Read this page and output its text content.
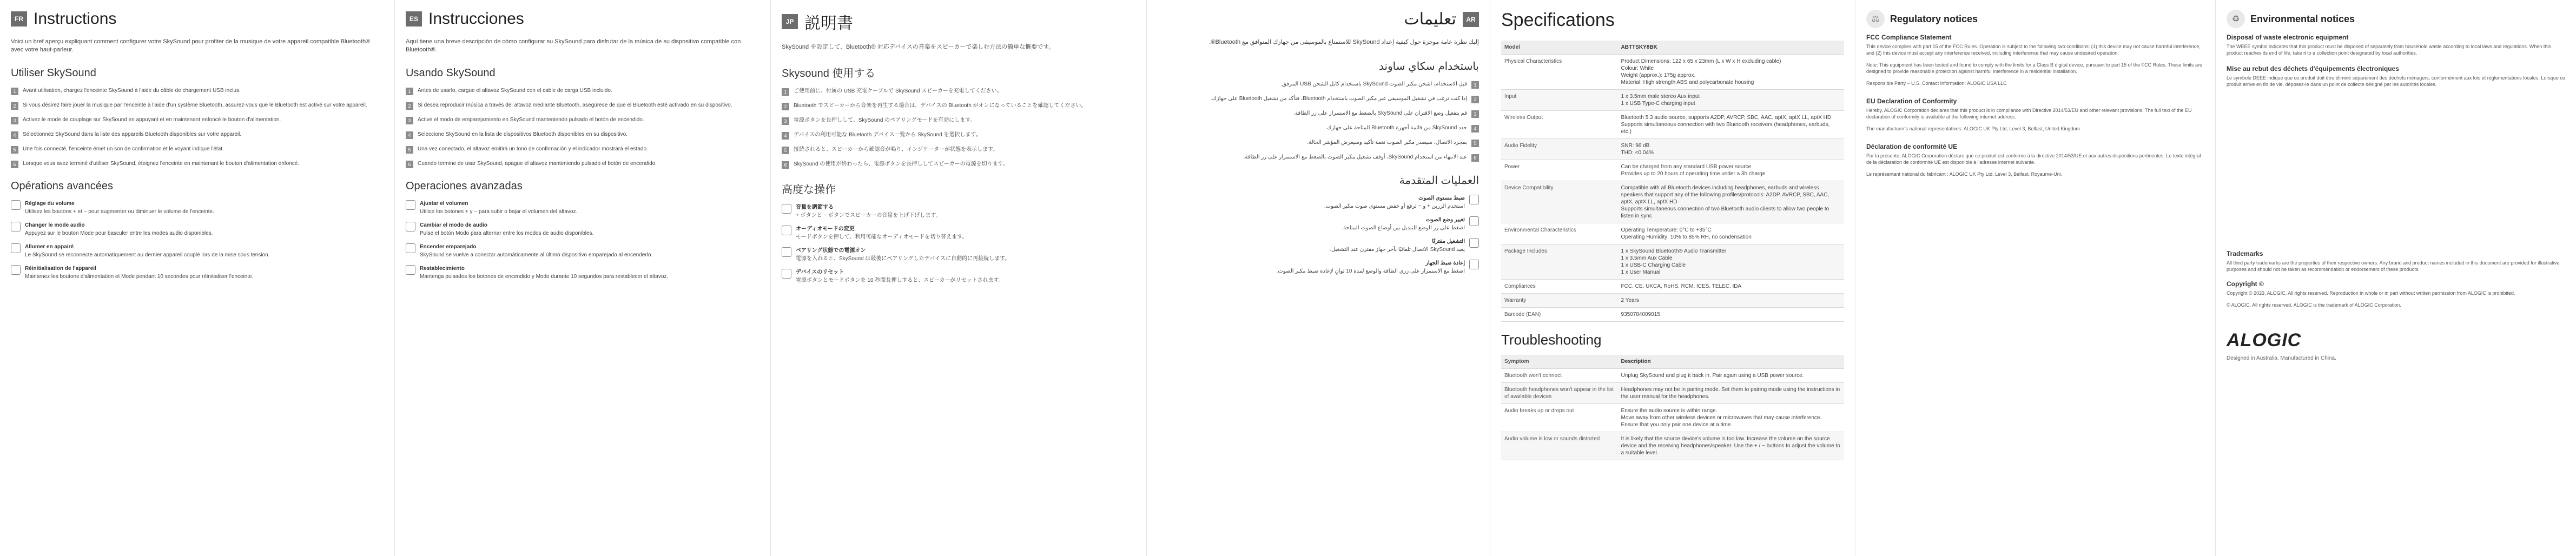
FR Instructions

Voici un bref aperçu expliquant comment configurer votre SkySound pour profiter de la musique de votre appareil compatible Bluetooth® avec votre haut-parleur.

Utiliser SkySound
1	Avant utilisation, chargez l'enceinte SkySound à l'aide du câble de chargement USB inclus.
2	Si vous désirez faire jouer la musique par l'enceinte à l'aide d'un système Bluetooth, assurez-vous que le Bluetooth est activé sur votre appareil.
3	Activez le mode de couplage sur SkySound en appuyant et en maintenant enfoncé le bouton d'alimentation.
4	Sélectionnez SkySound dans la liste des appareils Bluetooth disponibles sur votre appareil.
5	Une fois connecté, l'enceinte émet un son de confirmation et le voyant indique l'état.
6	Lorsque vous avez terminé d'utiliser SkySound, éteignez l'enceinte en maintenant le bouton d'alimentation enfoncé.
Opérations avancées
Réglage du volume
Utilisez les boutons + et − pour augmenter ou diminuer le volume de l'enceinte.
Changer le mode audio
Appuyez sur le bouton Mode pour basculer entre les modes audio disponibles.
Allumer en appairé
Le SkySound se reconnecte automatiquement au dernier appareil couplé lors de la mise sous tension.
Réinitialisation de l'appareil
Maintenez les boutons d'alimentation et Mode pendant 10 secondes pour réinitialiser l'enceinte.
ES Instrucciones

Aquí tiene una breve descripción de cómo configurar su SkySound para disfrutar de la música de su dispositivo compatible con Bluetooth®.

Usando SkySound
1	Antes de usarlo, cargue el altavoz SkySound con el cable de carga USB incluido.
2	Si desea reproducir música a través del altavoz mediante Bluetooth, asegúrese de que el Bluetooth esté activado en su dispositivo.
3	Active el modo de emparejamiento en SkySound manteniendo pulsado el botón de encendido.
4	Seleccione SkySound en la lista de dispositivos Bluetooth disponibles en su dispositivo.
5	Una vez conectado, el altavoz emitirá un tono de confirmación y el indicador mostrará el estado.
6	Cuando termine de usar SkySound, apague el altavoz manteniendo pulsado el botón de encendido.
Operaciones avanzadas
Ajustar el volumen
Utilice los botones + y − para subir o bajar el volumen del altavoz.
Cambiar el modo de audio
Pulse el botón Modo para alternar entre los modos de audio disponibles.
Encender emparejado
SkySound se vuelve a conectar automáticamente al último dispositivo emparejado al encenderlo.
Restablecimiento
Mantenga pulsados los botones de encendido y Modo durante 10 segundos para restablecer el altavoz.
JP 説明書

SkySound を設定して、Bluetooth® 対応デバイスの音楽をスピーカーで楽しむ方法の簡単な概要です。

Skysound 使用する
1	ご使用前に、付属の USB 充電ケーブルで SkySound スピーカーを充電してください。
2	Bluetooth でスピーカーから音楽を再生する場合は、デバイスの Bluetooth がオンになっていることを確認してください。
3	電源ボタンを長押しして、SkySound のペアリングモードを有効にします。
4	デバイスの利用可能な Bluetooth デバイス一覧から SkySound を選択します。
5	接続されると、スピーカーから確認音が鳴り、インジケーターが状態を表示します。
6	SkySound の使用が終わったら、電源ボタンを長押ししてスピーカーの電源を切ります。
高度な操作
音量を調節する
+ ボタンと − ボタンでスピーカーの音量を上げ下げします。
オーディオモードの変更
モードボタンを押して、利用可能なオーディオモードを切り替えます。
ペアリング状態での電源オン
電源を入れると、SkySound は最後にペアリングしたデバイスに自動的に再接続します。
デバイスのリセット
電源ボタンとモードボタンを 10 秒間長押しすると、スピーカーがリセットされます。
AR
تعليمات

إليك نظرة عامة موجزة حول كيفية إعداد SkySound للاستمتاع بالموسيقى من جهازك المتوافق مع Bluetooth®.

باستخدام سكاي ساوند
1
قبل الاستخدام، اشحن مكبر الصوت SkySound باستخدام كابل الشحن USB المرفق.
2
إذا كنت ترغب في تشغيل الموسيقى عبر مكبر الصوت باستخدام Bluetooth، فتأكد من تشغيل Bluetooth على جهازك.
3
قم بتفعيل وضع الاقتران على SkySound بالضغط مع الاستمرار على زر الطاقة.
4
حدد SkySound من قائمة أجهزة Bluetooth المتاحة على جهازك.
5
بمجرد الاتصال، سيصدر مكبر الصوت نغمة تأكيد وسيعرض المؤشر الحالة.
6
عند الانتهاء من استخدام SkySound، أوقف تشغيل مكبر الصوت بالضغط مع الاستمرار على زر الطاقة.
العمليات المتقدمة
ضبط مستوى الصوت
استخدم الزرين + و − لرفع أو خفض مستوى صوت مكبر الصوت.
تغيير وضع الصوت
اضغط على زر الوضع للتبديل بين أوضاع الصوت المتاحة.
التشغيل مقترنًا
يعيد SkySound الاتصال تلقائيًا بآخر جهاز مقترن عند التشغيل.
إعادة ضبط الجهاز
اضغط مع الاستمرار على زري الطاقة والوضع لمدة 10 ثوانٍ لإعادة ضبط مكبر الصوت.
Specifications
Model	ABTTSKY8BK
Physical Characteristics	Product Dimensions: 122 x 65 x 23mm (L x W x H excluding cable)
Colour: White
Weight (approx.): 175g approx.
Material: High strength ABS and polycarbonate housing
Input	1 x 3.5mm male stereo Aux input
1 x USB Type-C charging input
Wireless Output	Bluetooth 5.3 audio source, supports A2DP, AVRCP, SBC, AAC, aptX, aptX LL, aptX HD
Supports simultaneous connection with two Bluetooth receivers (headphones, earbuds, etc.)
Audio Fidelity	SNR: 96 dB
THD: <0.04%
Power	Can be charged from any standard USB power source
Provides up to 20 hours of operating time under a 3h charge
Device Compatibility	Compatible with all Bluetooth devices including headphones, earbuds and wireless speakers that support any of the following profiles/protocols: A2DP, AVRCP, SBC, AAC, aptX, aptX LL, aptX HD
Supports simultaneous connection of two Bluetooth audio clients to allow two people to listen in sync
Environmental Characteristics	Operating Temperature: 0°C to +35°C
Operating Humidity: 10% to 85% RH, no condensation
Package Includes	1 x SkySound Bluetooth® Audio Transmitter
1 x 3.5mm Aux Cable
1 x USB-C Charging Cable
1 x User Manual
Compliances	FCC, CE, UKCA, RoHS, RCM, ICES, TELEC, IDA
Warranty	2 Years
Barcode (EAN)	9350784009015
Troubleshooting
Symptom	Description
Bluetooth won't connect	Unplug SkySound and plug it back in. Pair again using a USB power source.
Bluetooth headphones won't appear in the list of available devices	Headphones may not be in pairing mode. Set them to pairing mode using the instructions in the user manual for the headphones.
Audio breaks up or drops out	Ensure the audio source is within range.
Move away from other wireless devices or microwaves that may cause interference.
Ensure that you only pair one device at a time.
Audio volume is low or sounds distorted	It is likely that the source device's volume is too low. Increase the volume on the source device and the receiving headphones/speaker. Use the + / − buttons to adjust the volume to a suitable level.
⚖	Regulatory notices
FCC Compliance Statement

This device complies with part 15 of the FCC Rules. Operation is subject to the following two conditions: (1) this device may not cause harmful interference, and (2) this device must accept any interference received, including interference that may cause undesired operation.

Note: This equipment has been tested and found to comply with the limits for a Class B digital device, pursuant to part 15 of the FCC Rules. These limits are designed to provide reasonable protection against harmful interference in a residential installation.

Responsible Party – U.S. Contact Information: ALOGIC USA LLC

EU Declaration of Conformity

Hereby, ALOGIC Corporation declares that this product is in compliance with Directive 2014/53/EU and other relevant provisions. The full text of the EU declaration of conformity is available at the following internet address.

The manufacturer's national representatives: ALOGIC UK Pty Ltd, Level 3, Belfast, United Kingdom.

Déclaration de conformité UE

Par la présente, ALOGIC Corporation déclare que ce produit est conforme à la directive 2014/53/UE et aux autres dispositions pertinentes. Le texte intégral de la déclaration de conformité UE est disponible à l'adresse internet suivante.

Le représentant national du fabricant : ALOGIC UK Pty Ltd, Level 3, Belfast, Royaume-Uni.

♻	Environmental notices
Disposal of waste electronic equipment

The WEEE symbol indicates that this product must be disposed of separately from household waste according to local laws and regulations. When this product reaches its end of life, take it to a collection point designated by local authorities.

Mise au rebut des déchets d'équipements électroniques

Le symbole DEEE indique que ce produit doit être éliminé séparément des déchets ménagers, conformément aux lois et réglementations locales. Lorsque ce produit arrive en fin de vie, déposez-le dans un point de collecte désigné par les autorités locales.

Trademarks

All third party trademarks are the properties of their respective owners. Any brand and product names included in this document are provided for illustrative purposes and should not be taken as recommendation or endorsement of these products.

Copyright ©

Copyright © 2023, ALOGIC. All rights reserved. Reproduction in whole or in part without written permission from ALOGIC is prohibited.

© ALOGIC. All rights reserved. ALOGIC is the trademark of ALOGIC Corporation.

ALOGIC
Designed in Australia. Manufactured in China.
